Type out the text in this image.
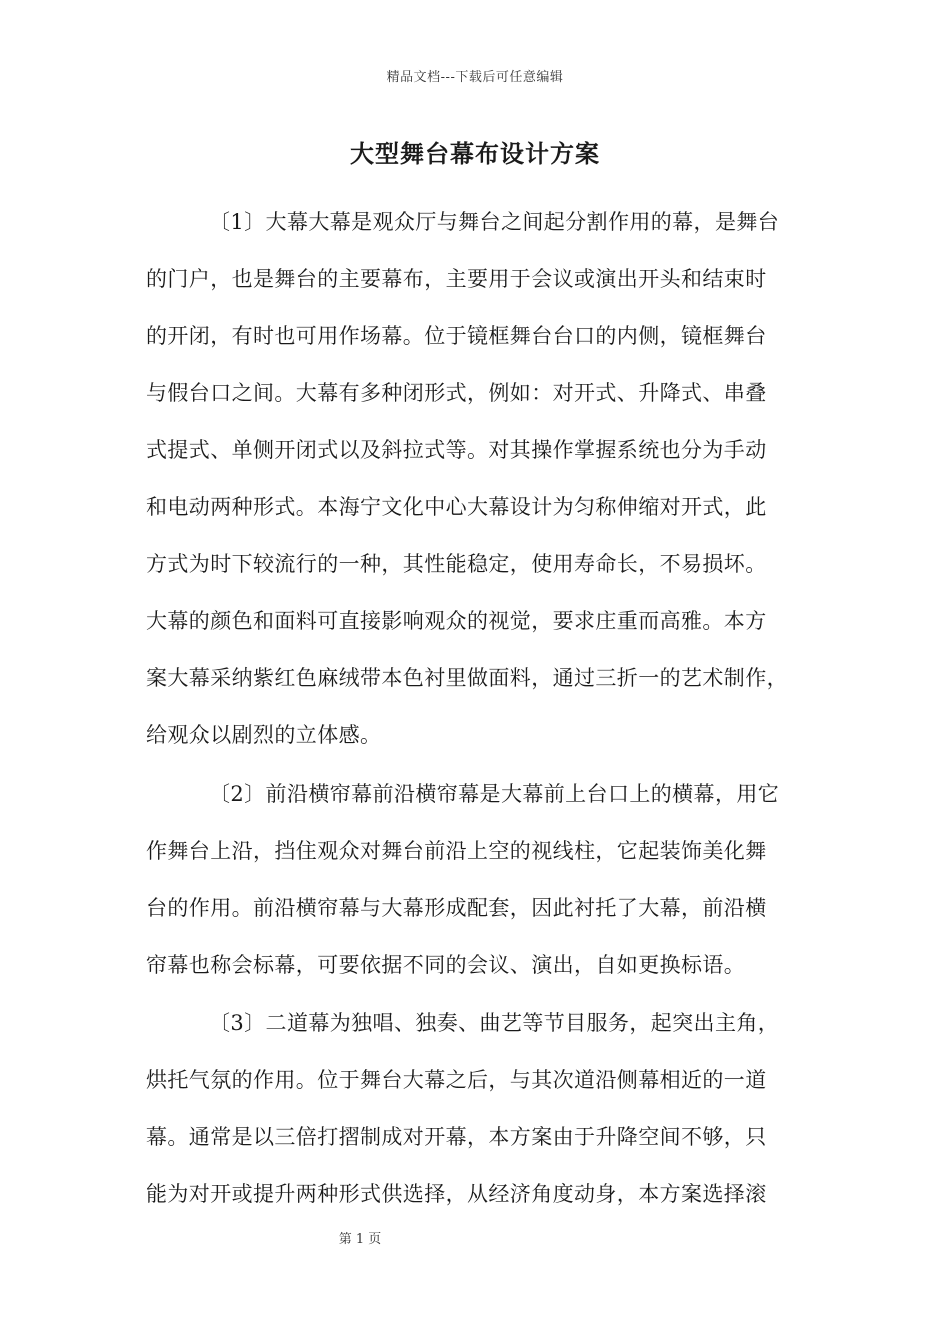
精品文档---下载后可任意编辑
大型舞台幕布设计方案
〔1〕大幕大幕是观众厅与舞台之间起分割作用的幕，是舞台
的门户，也是舞台的主要幕布，主要用于会议或演出开头和结束时
的开闭，有时也可用作场幕。位于镜框舞台台口的内侧，镜框舞台
与假台口之间。大幕有多种闭形式，例如：对开式、升降式、串叠
式提式、单侧开闭式以及斜拉式等。对其操作掌握系统也分为手动
和电动两种形式。本海宁文化中心大幕设计为匀称伸缩对开式，此
方式为时下较流行的一种，其性能稳定，使用寿命长，不易损坏。
大幕的颜色和面料可直接影响观众的视觉，要求庄重而高雅。本方
案大幕采纳紫红色麻绒带本色衬里做面料，通过三折一的艺术制作，
给观众以剧烈的立体感。
〔2〕前沿横帘幕前沿横帘幕是大幕前上台口上的横幕，用它
作舞台上沿，挡住观众对舞台前沿上空的视线柱，它起装饰美化舞
台的作用。前沿横帘幕与大幕形成配套，因此衬托了大幕，前沿横
帘幕也称会标幕，可要依据不同的会议、演出，自如更换标语。
〔3〕二道幕为独唱、独奏、曲艺等节目服务，起突出主角，
烘托气氛的作用。位于舞台大幕之后，与其次道沿侧幕相近的一道
幕。通常是以三倍打摺制成对开幕，本方案由于升降空间不够，只
能为对开或提升两种形式供选择，从经济角度动身，本方案选择滚
第 1 页
